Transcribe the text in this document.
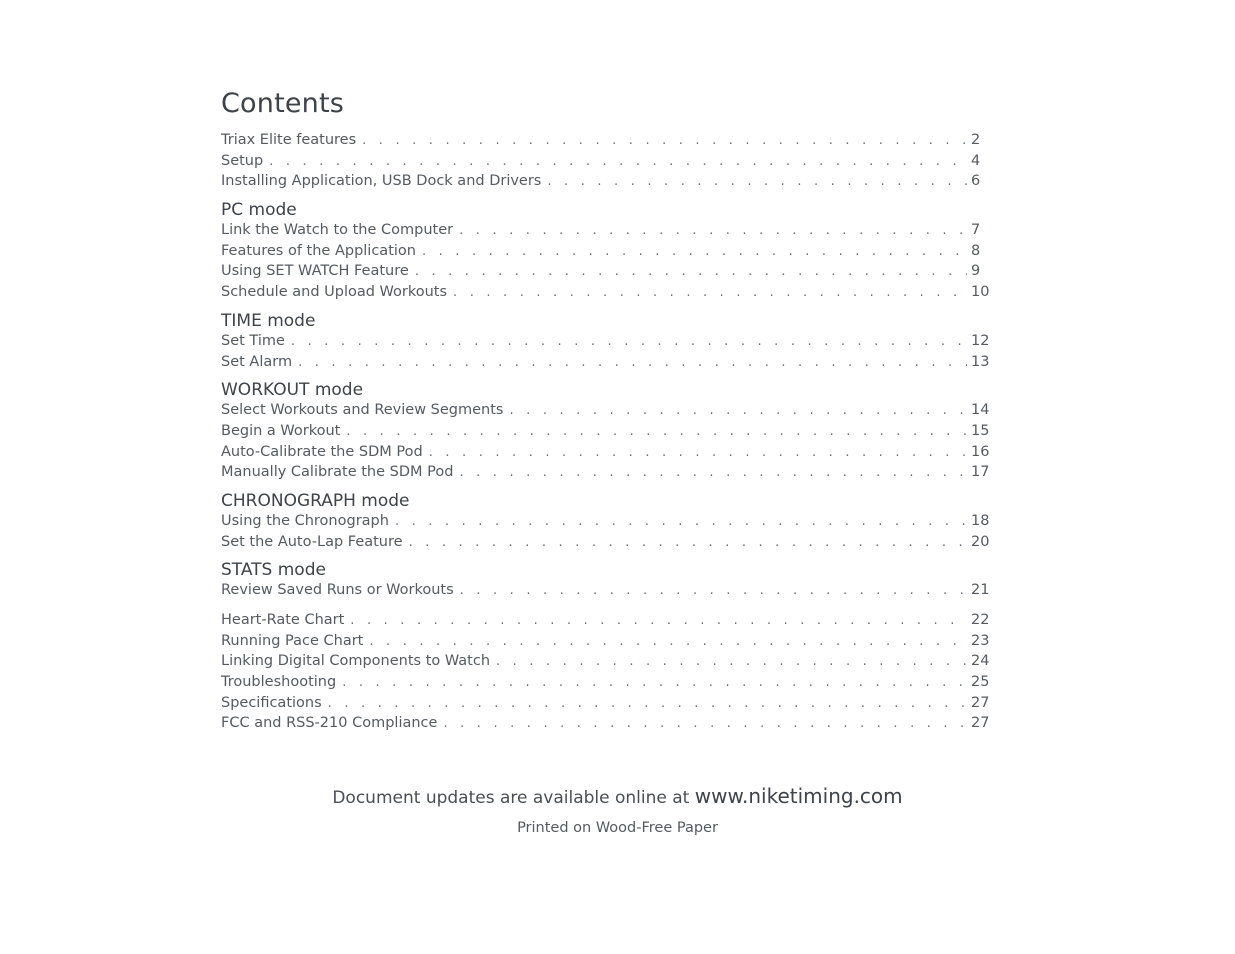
Contents
Triax Elite features . . .	2
Setup . . .	4
Installing Application, USB Dock and Drivers . . .	6
PC mode
Link the Watch to the Computer . . .	7
Features of the Application . . .	8
Using SET WATCH Feature . . .	9
Schedule and Upload Workouts . . .	10
TIME mode
Set Time . . .	12
Set Alarm . . .	13
WORKOUT mode
Select Workouts and Review Segments . . .	14
Begin a Workout . . .	15
Auto-Calibrate the SDM Pod . . .	16
Manually Calibrate the SDM Pod . . .	17
CHRONOGRAPH mode
Using the Chronograph . . .	18
Set the Auto-Lap Feature . . .	20
STATS mode
Review Saved Runs or Workouts . . .	21
Heart-Rate Chart . . .	22
Running Pace Chart . . .	23
Linking Digital Components to Watch . . .	24
Troubleshooting . . .	25
Specifications . . .	27
FCC and RSS-210 Compliance . . .	27
Document updates are available online at www.niketiming.com
Printed on Wood-Free Paper
